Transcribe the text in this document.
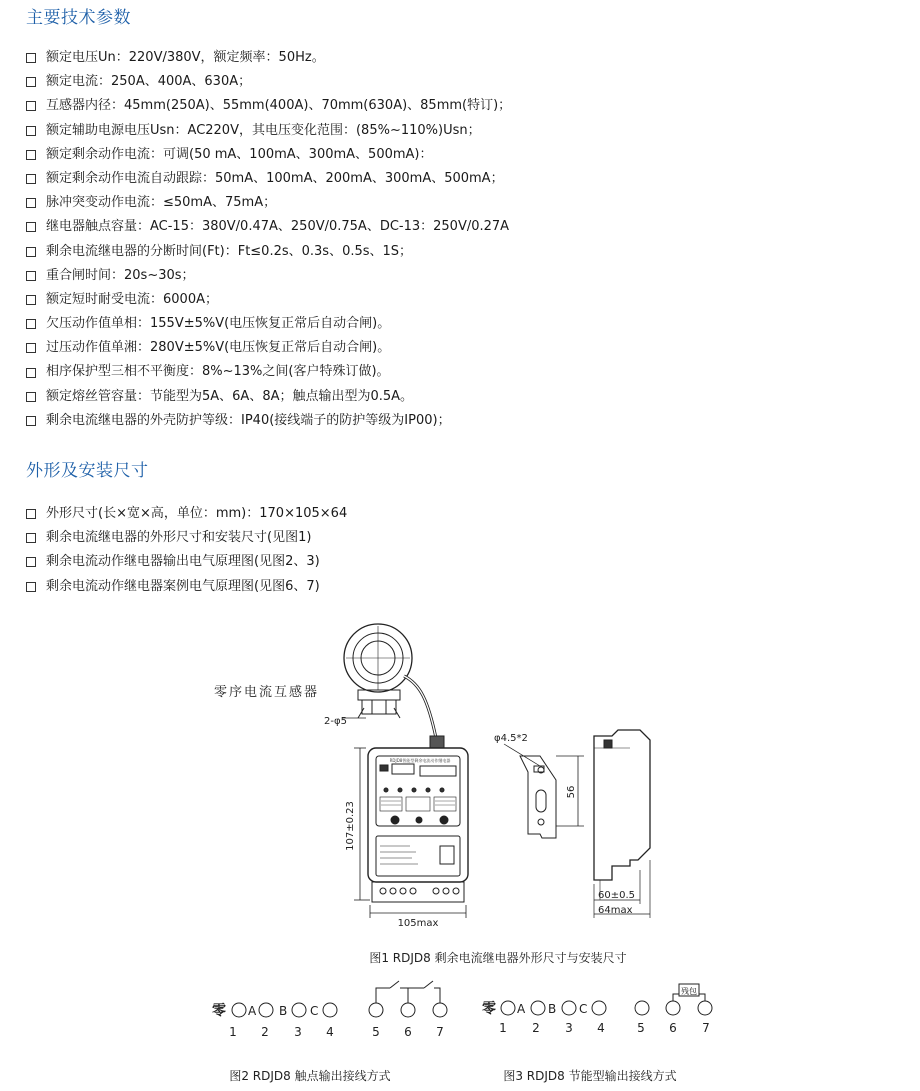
主要技术参数
额定电压Un：220V/380V，额定频率：50Hz。
额定电流：250A、400A、630A；
互感器内径：45mm(250A)、55mm(400A)、70mm(630A)、85mm(特订)；
额定辅助电源电压Usn：AC220V，其电压变化范围：(85%~110%)Usn；
额定剩余动作电流：可调(50 mA、100mA、300mA、500mA)：
额定剩余动作电流自动跟踪：50mA、100mA、200mA、300mA、500mA；
脉冲突变动作电流：≤50mA、75mA；
继电器触点容量：AC-15：380V/0.47A、250V/0.75A、DC-13：250V/0.27A
剩余电流继电器的分断时间(Ft)：Ft≤0.2s、0.3s、0.5s、1S；
重合闸时间：20s~30s；
额定短时耐受电流：6000A；
欠压动作值单相：155V±5%V(电压恢复正常后自动合闸)。
过压动作值单湘：280V±5%V(电压恢复正常后自动合闸)。
相序保护型三相不平衡度：8%~13%之间(客户特殊订做)。
额定熔丝管容量：节能型为5A、6A、8A；触点输出型为0.5A。
剩余电流继电器的外壳防护等级：IP40(接线端子的防护等级为IP00)；
外形及安装尺寸
外形尺寸(长×宽×高，单位：mm)：170×105×64
剩余电流继电器的外形尺寸和安装尺寸(见图1)
剩余电流动作继电器输出电气原理图(见图2、3)
剩余电流动作继电器案例电气原理图(见图6、7)
零序电流互感器
2-φ5
107±0.23
105max
φ4.5*2
56
60±0.5
64max
RDJD8智能型剩余电流动作继电器
图1 RDJD8 剩余电流继电器外形尺寸与安装尺寸
零 A B C
1 2 3 4	5 6 7
图2 RDJD8 触点输出接线方式
零 A B C
残包
1 2 3 4	5 6 7
图3 RDJD8 节能型输出接线方式
